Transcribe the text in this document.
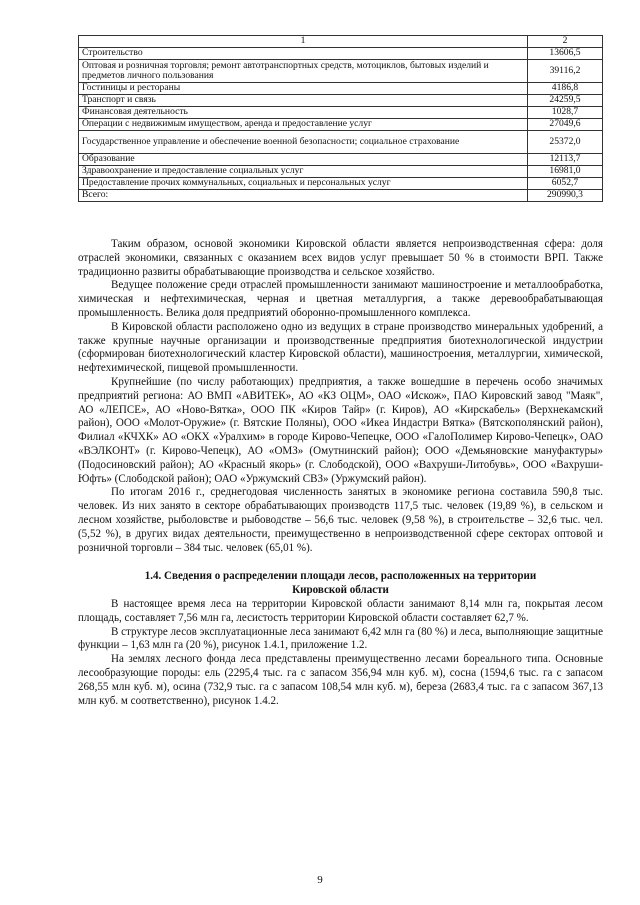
1	2
Строительство	13606,5
Оптовая и розничная торговля; ремонт автотранспортных средств, мотоциклов, бытовых изделий и предметов личного пользования	39116,2
Гостиницы и рестораны	4186,8
Транспорт и связь	24259,5
Финансовая деятельность	1028,7
Операции с недвижимым имуществом, аренда и предоставление услуг	27049,6
Государственное управление и обеспечение военной безопасности; социальное страхование	25372,0
Образование	12113,7
Здравоохранение и предоставление социальных услуг	16981,0
Предоставление прочих коммунальных, социальных и персональных услуг	6052,7
Всего:	290990,3

Таким образом, основой экономики Кировской области является непроизводственная сфера: доля отраслей экономики, связанных с оказанием всех видов услуг превышает 50 % в стоимости ВРП. Также традиционно развиты обрабатывающие производства и сельское хозяйство.

Ведущее положение среди отраслей промышленности занимают машиностроение и металлообработка, химическая и нефтехимическая, черная и цветная металлургия, а также деревообрабатывающая промышленность. Велика доля предприятий оборонно-промышленного комплекса.

В Кировской области расположено одно из ведущих в стране производство минеральных удобрений, а также крупные научные организации и производственные предприятия биотехнологической индустрии (сформирован биотехнологический кластер Кировской области), машиностроения, металлургии, химической, нефтехимической, пищевой промышленности.

Крупнейшие (по числу работающих) предприятия, а также вошедшие в перечень особо значимых предприятий региона: АО ВМП «АВИТЕК», АО «КЗ ОЦМ», ОАО «Искож», ПАО Кировский завод "Маяк", АО «ЛЕПСЕ», АО «Ново-Вятка», ООО ПК «Киров Тайр» (г. Киров), АО «Кирскабель» (Верхнекамский район), ООО «Молот-Оружие» (г. Вятские Поляны), ООО «Икеа Индастри Вятка» (Вятскополянский район), Филиал «КЧХК» АО «ОКХ «Уралхим» в городе Кирово-Чепецке, ООО «ГалоПолимер Кирово-Чепецк», ОАО «ВЭЛКОНТ» (г. Кирово-Чепецк), АО «ОМЗ» (Омутнинский район); ООО «Демьяновские мануфактуры» (Подосиновский район); АО «Красный якорь» (г. Слободской), ООО «Вахруши-Литобувь», ООО «Вахруши-Юфть» (Слободской район); ОАО «Уржумский СВЗ» (Уржумский район).

По итогам 2016 г., среднегодовая численность занятых в экономике региона составила 590,8 тыс. человек. Из них занято в секторе обрабатывающих производств 117,5 тыс. человек (19,89 %), в сельском и лесном хозяйстве, рыболовстве и рыбоводстве – 56,6 тыс. человек (9,58 %), в строительстве – 32,6 тыс. чел. (5,52 %), в других видах деятельности, преимущественно в непроизводственной сфере секторах оптовой и розничной торговли – 384 тыс. человек (65,01 %).

1.4. Сведения о распределении площади лесов, расположенных на территории Кировской области

В настоящее время леса на территории Кировской области занимают 8,14 млн га, покрытая лесом площадь, составляет 7,56 млн га, лесистость территории Кировской области составляет 62,7 %.

В структуре лесов эксплуатационные леса занимают 6,42 млн га (80 %) и леса, выполняющие защитные функции – 1,63 млн га (20 %), рисунок 1.4.1, приложение 1.2.

На землях лесного фонда леса представлены преимущественно лесами бореального типа. Основные лесообразующие породы: ель (2295,4 тыс. га с запасом 356,94 млн куб. м), сосна (1594,6 тыс. га с запасом 268,55 млн куб. м), осина (732,9 тыс. га с запасом 108,54 млн куб. м), береза (2683,4 тыс. га с запасом 367,13 млн куб. м соответственно), рисунок 1.4.2.

9
